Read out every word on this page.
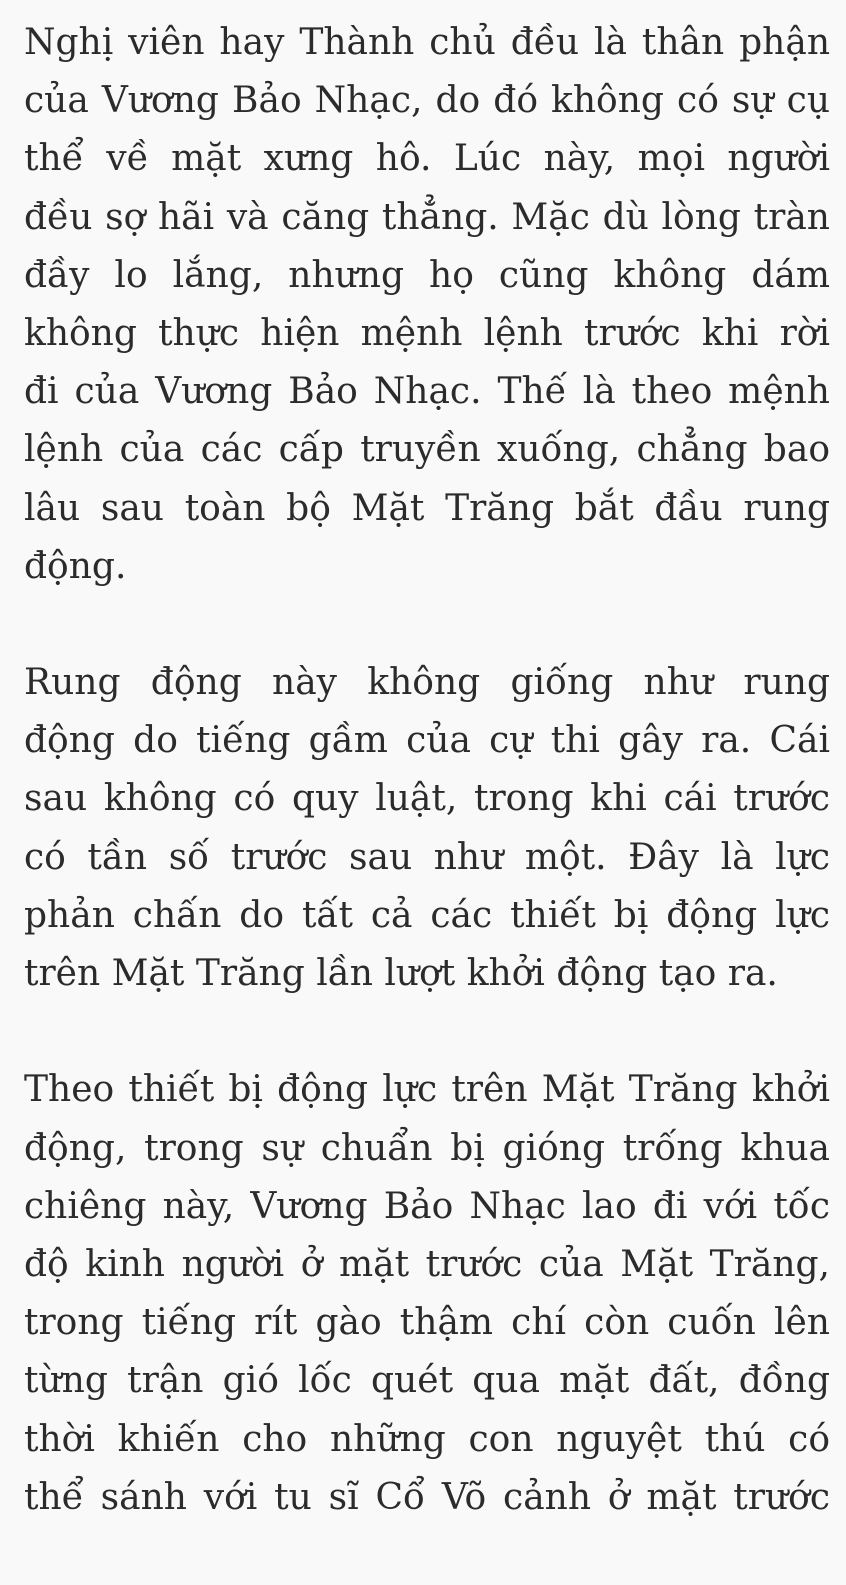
Nghị viên hay Thành chủ đều là thân phận
của Vương Bảo Nhạc, do đó không có sự cụ
thể về mặt xưng hô. Lúc này, mọi người
đều sợ hãi và căng thẳng. Mặc dù lòng tràn
đầy lo lắng, nhưng họ cũng không dám
không thực hiện mệnh lệnh trước khi rời
đi của Vương Bảo Nhạc. Thế là theo mệnh
lệnh của các cấp truyền xuống, chẳng bao
lâu sau toàn bộ Mặt Trăng bắt đầu rung
động.
Rung động này không giống như rung
động do tiếng gầm của cự thi gây ra. Cái
sau không có quy luật, trong khi cái trước
có tần số trước sau như một. Đây là lực
phản chấn do tất cả các thiết bị động lực
trên Mặt Trăng lần lượt khởi động tạo ra.
Theo thiết bị động lực trên Mặt Trăng khởi
động, trong sự chuẩn bị gióng trống khua
chiêng này, Vương Bảo Nhạc lao đi với tốc
độ kinh người ở mặt trước của Mặt Trăng,
trong tiếng rít gào thậm chí còn cuốn lên
từng trận gió lốc quét qua mặt đất, đồng
thời khiến cho những con nguyệt thú có
thể sánh với tu sĩ Cổ Võ cảnh ở mặt trước
